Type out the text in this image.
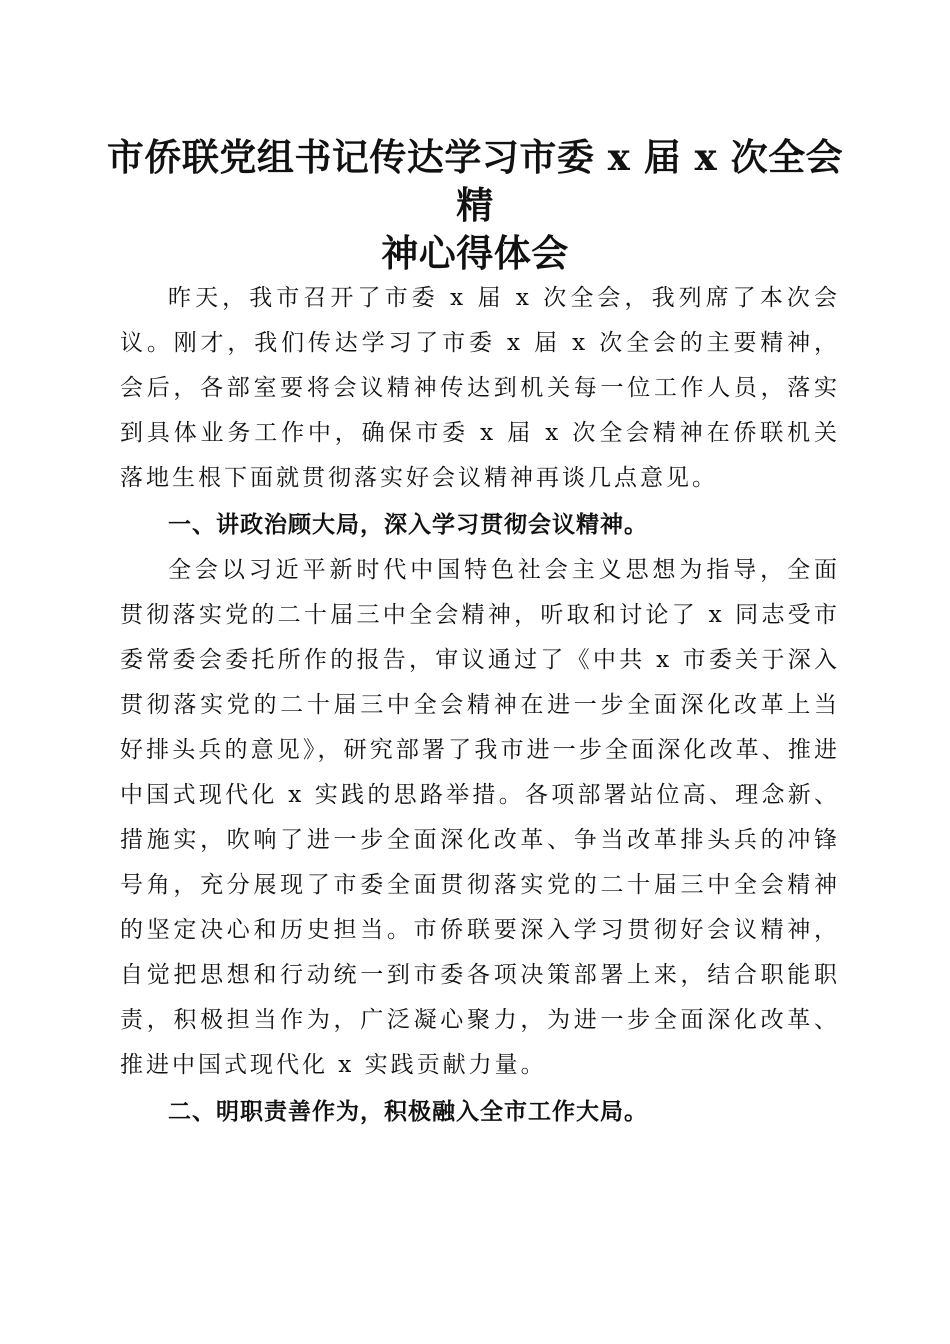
市侨联党组书记传达学习市委 x 届 x 次全会精
神心得体会

昨天，我市召开了市委 x 届 x 次全会，我列席了本次会议。刚才，我们传达学习了市委 x 届 x 次全会的主要精神，会后，各部室要将会议精神传达到机关每一位工作人员，落实到具体业务工作中，确保市委 x 届 x 次全会精神在侨联机关落地生根下面就贯彻落实好会议精神再谈几点意见。

一、讲政治顾大局，深入学习贯彻会议精神。

全会以习近平新时代中国特色社会主义思想为指导，全面贯彻落实党的二十届三中全会精神，听取和讨论了 x 同志受市委常委会委托所作的报告，审议通过了《中共 x 市委关于深入贯彻落实党的二十届三中全会精神在进一步全面深化改革上当好排头兵的意见》，研究部署了我市进一步全面深化改革、推进中国式现代化 x 实践的思路举措。各项部署站位高、理念新、措施实，吹响了进一步全面深化改革、争当改革排头兵的冲锋号角，充分展现了市委全面贯彻落实党的二十届三中全会精神的坚定决心和历史担当。市侨联要深入学习贯彻好会议精神，自觉把思想和行动统一到市委各项决策部署上来，结合职能职责，积极担当作为，广泛凝心聚力，为进一步全面深化改革、推进中国式现代化 x 实践贡献力量。

二、明职责善作为，积极融入全市工作大局。
